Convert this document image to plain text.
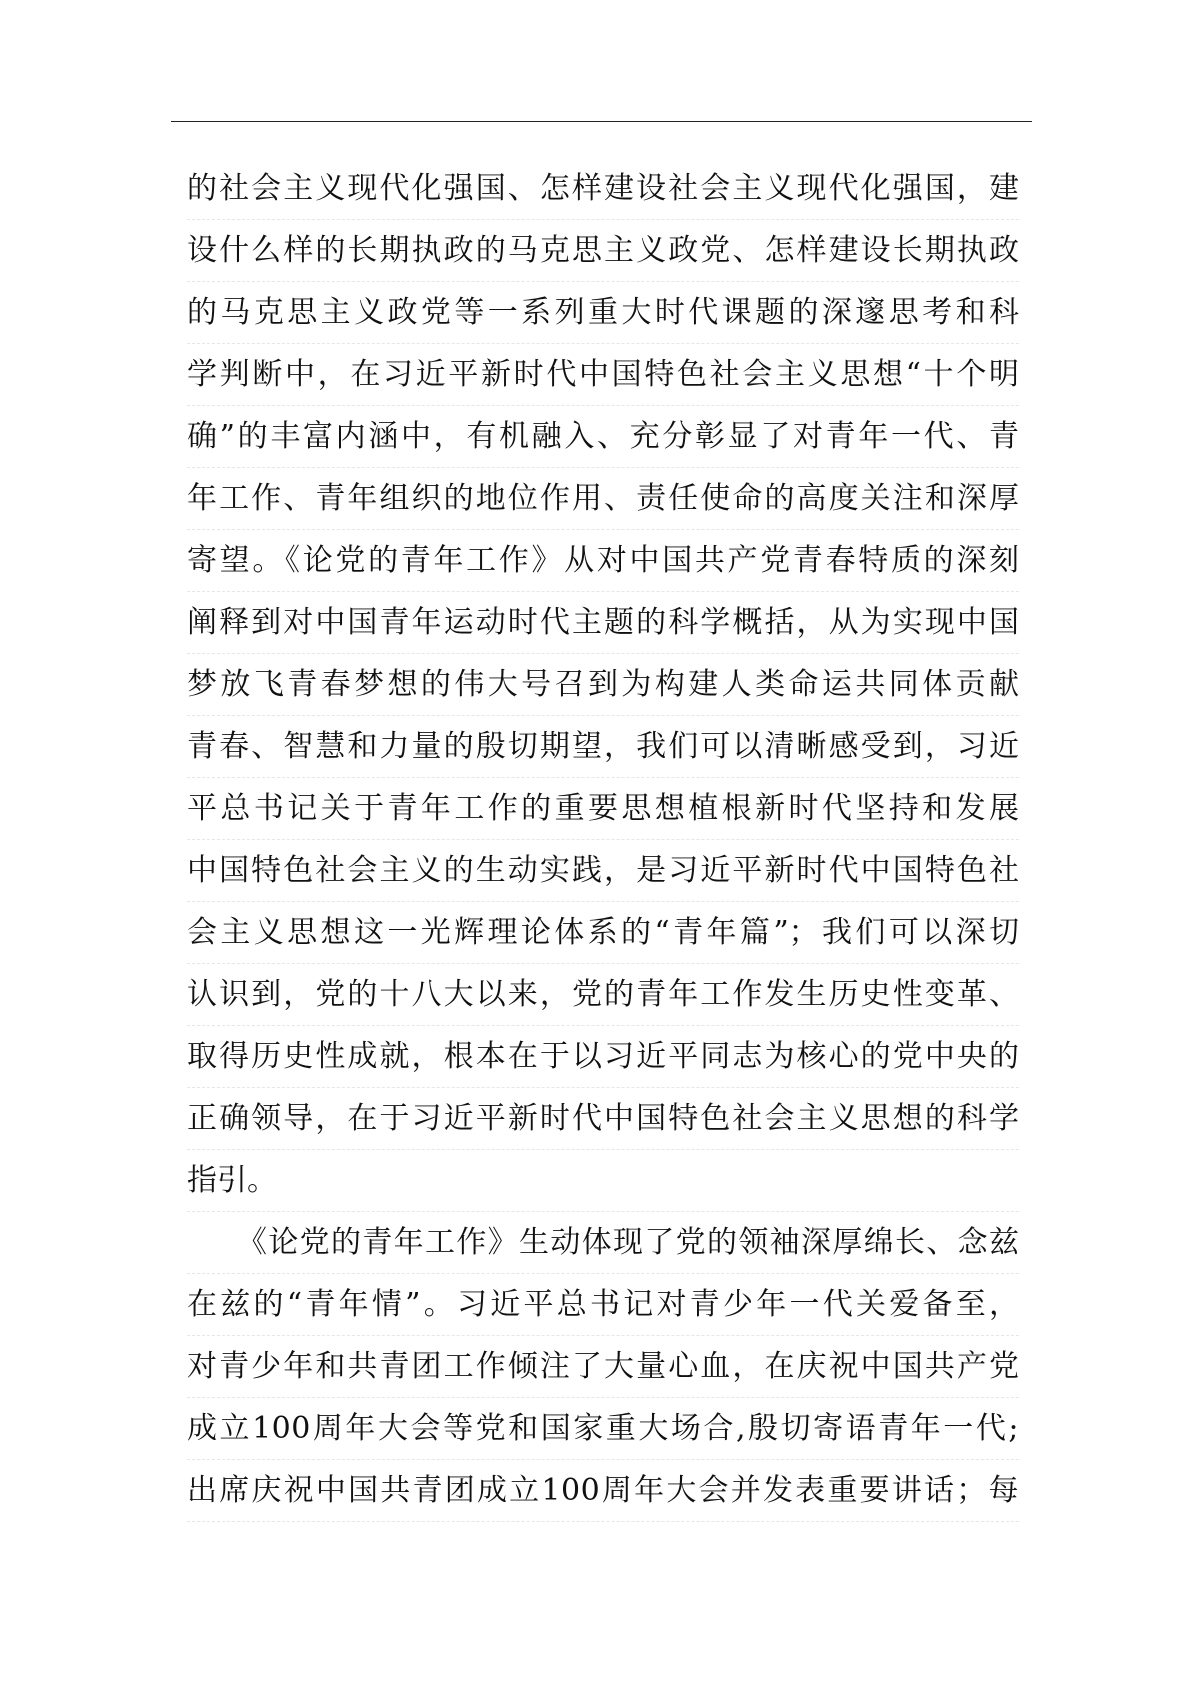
的社会主义现代化强国、怎样建设社会主义现代化强国，建
设什么样的长期执政的马克思主义政党、怎样建设长期执政
的马克思主义政党等一系列重大时代课题的深邃思考和科
学判断中，在习近平新时代中国特色社会主义思想“十个明
确”的丰富内涵中，有机融入、充分彰显了对青年一代、青
年工作、青年组织的地位作用、责任使命的高度关注和深厚
寄望。《论党的青年工作》从对中国共产党青春特质的深刻
阐释到对中国青年运动时代主题的科学概括，从为实现中国
梦放飞青春梦想的伟大号召到为构建人类命运共同体贡献
青春、智慧和力量的殷切期望，我们可以清晰感受到，习近
平总书记关于青年工作的重要思想植根新时代坚持和发展
中国特色社会主义的生动实践，是习近平新时代中国特色社
会主义思想这一光辉理论体系的“青年篇”；我们可以深切
认识到，党的十八大以来，党的青年工作发生历史性变革、
取得历史性成就，根本在于以习近平同志为核心的党中央的
正确领导，在于习近平新时代中国特色社会主义思想的科学
指引。
《论党的青年工作》生动体现了党的领袖深厚绵长、念兹
在兹的“青年情”。习近平总书记对青少年一代关爱备至，
对青少年和共青团工作倾注了大量心血，在庆祝中国共产党
成立100周年大会等党和国家重大场合,殷切寄语青年一代;
出席庆祝中国共青团成立100周年大会并发表重要讲话；每
